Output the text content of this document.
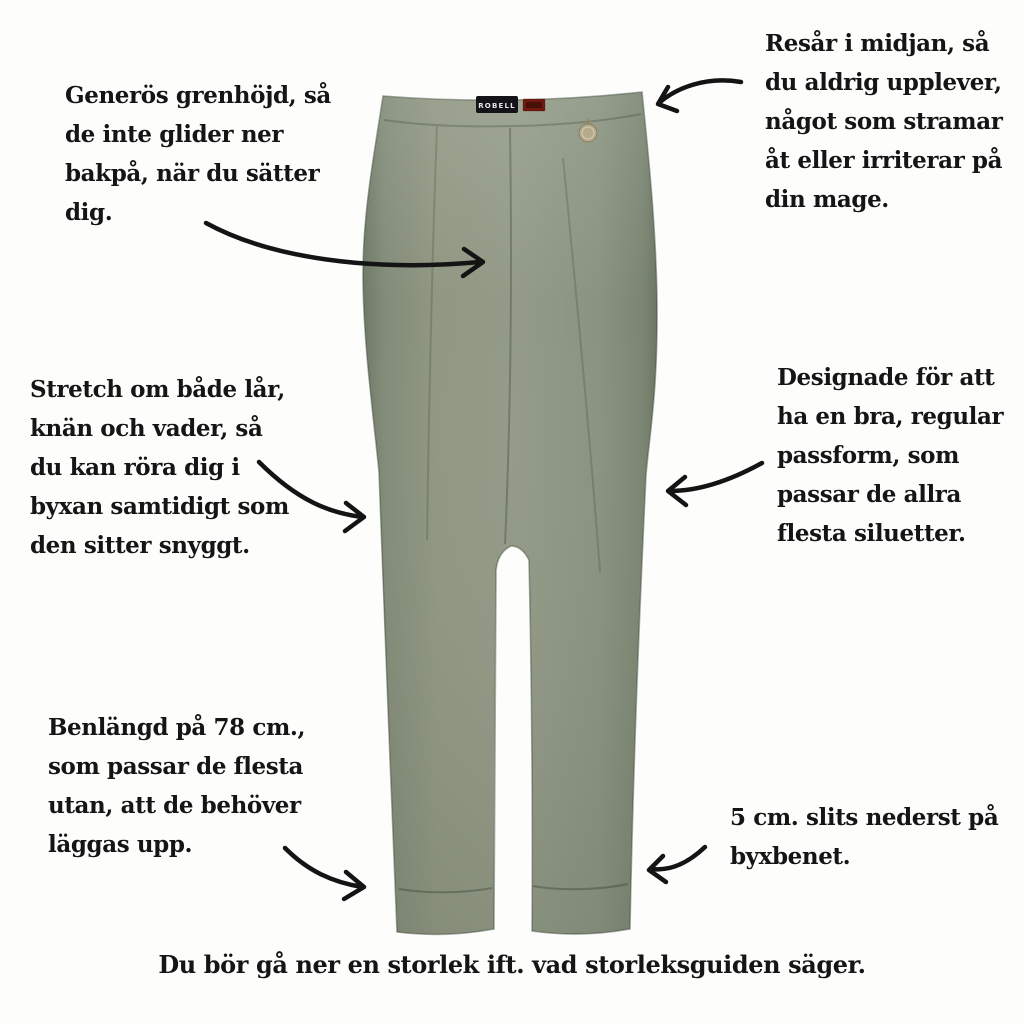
ROBELL
Generös grenhöjd, så
de inte glider ner
bakpå, när du sätter
dig.
Resår i midjan, så
du aldrig upplever,
något som stramar
åt eller irriterar på
din mage.
Stretch om både lår,
knän och vader, så
du kan röra dig i
byxan samtidigt som
den sitter snyggt.
Designade för att
ha en bra, regular
passform, som
passar de allra
flesta siluetter.
Benlängd på 78 cm.,
som passar de flesta
utan, att de behöver
läggas upp.
5 cm. slits nederst på
byxbenet.
Du bör gå ner en storlek ift. vad storleksguiden säger.
